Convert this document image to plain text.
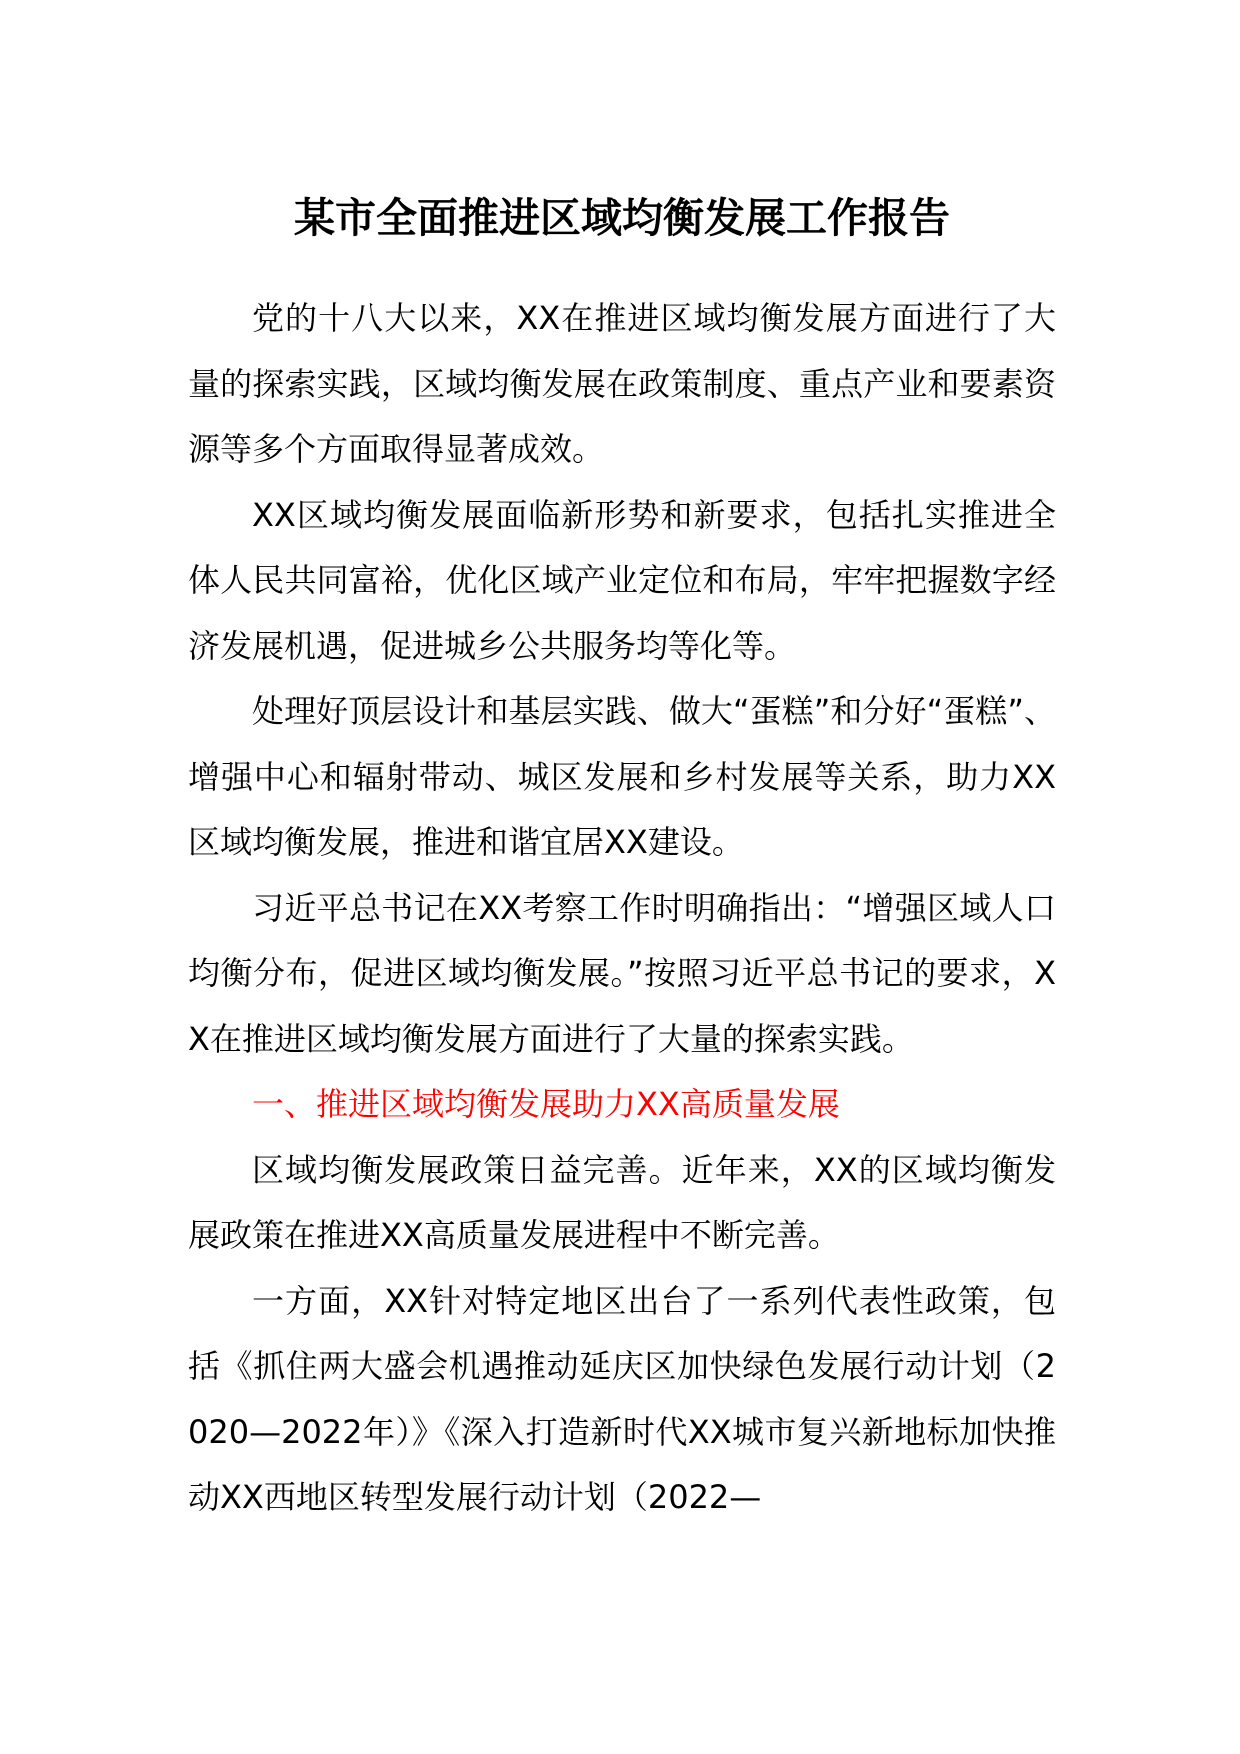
某市全面推进区域均衡发展工作报告

党的十八大以来，XX在推进区域均衡发展方面进行了大量的探索实践，区域均衡发展在政策制度、重点产业和要素资源等多个方面取得显著成效。

XX区域均衡发展面临新形势和新要求，包括扎实推进全体人民共同富裕，优化区域产业定位和布局，牢牢把握数字经济发展机遇，促进城乡公共服务均等化等。

处理好顶层设计和基层实践、做大“蛋糕”和分好“蛋糕”、增强中心和辐射带动、城区发展和乡村发展等关系，助力XX区域均衡发展，推进和谐宜居XX建设。

习近平总书记在XX考察工作时明确指出：“增强区域人口均衡分布，促进区域均衡发展。”按照习近平总书记的要求，XX在推进区域均衡发展方面进行了大量的探索实践。

一、推进区域均衡发展助力XX高质量发展

区域均衡发展政策日益完善。近年来，XX的区域均衡发展政策在推进XX高质量发展进程中不断完善。

一方面，XX针对特定地区出台了一系列代表性政策，包括《抓住两大盛会机遇推动延庆区加快绿色发展行动计划（2020—2022年）》《深入打造新时代XX城市复兴新地标加快推动XX西地区转型发展行动计划（2022—
